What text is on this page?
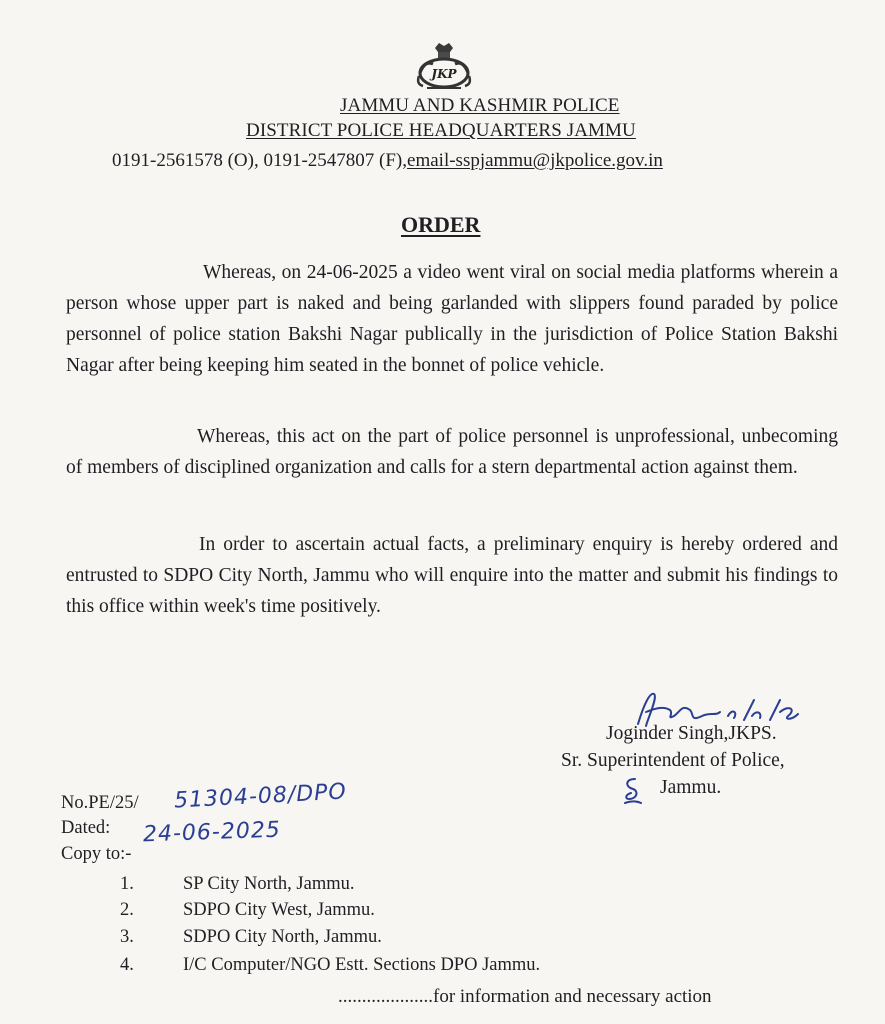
JKP
JAMMU AND KASHMIR POLICE
DISTRICT POLICE HEADQUARTERS JAMMU
0191-2561578 (O), 0191-2547807 (F),email-sspjammu@jkpolice.gov.in
ORDER
Whereas, on 24-06-2025 a video went viral on social media platforms wherein a person whose upper part is naked and being garlanded with slippers found paraded by police personnel of police station Bakshi Nagar publically in the jurisdiction of Police Station Bakshi Nagar after being keeping him seated in the bonnet of police vehicle.
Whereas, this act on the part of police personnel is unprofessional, unbecoming of members of disciplined organization and calls for a stern departmental action against them.
In order to ascertain actual facts, a preliminary enquiry is hereby ordered and entrusted to SDPO City North, Jammu who will enquire into the matter and submit his findings to this office within week's time positively.
Joginder Singh,JKPS.
Sr. Superintendent of Police,
Jammu.
No.PE/25/ 51304-08/DPO
Dated: 24-06-2025
Copy to:-
1.	SP City North, Jammu.
2.	SDPO City West, Jammu.
3.	SDPO City North, Jammu.
4.	I/C Computer/NGO Estt. Sections DPO Jammu.
....................for information and necessary action
